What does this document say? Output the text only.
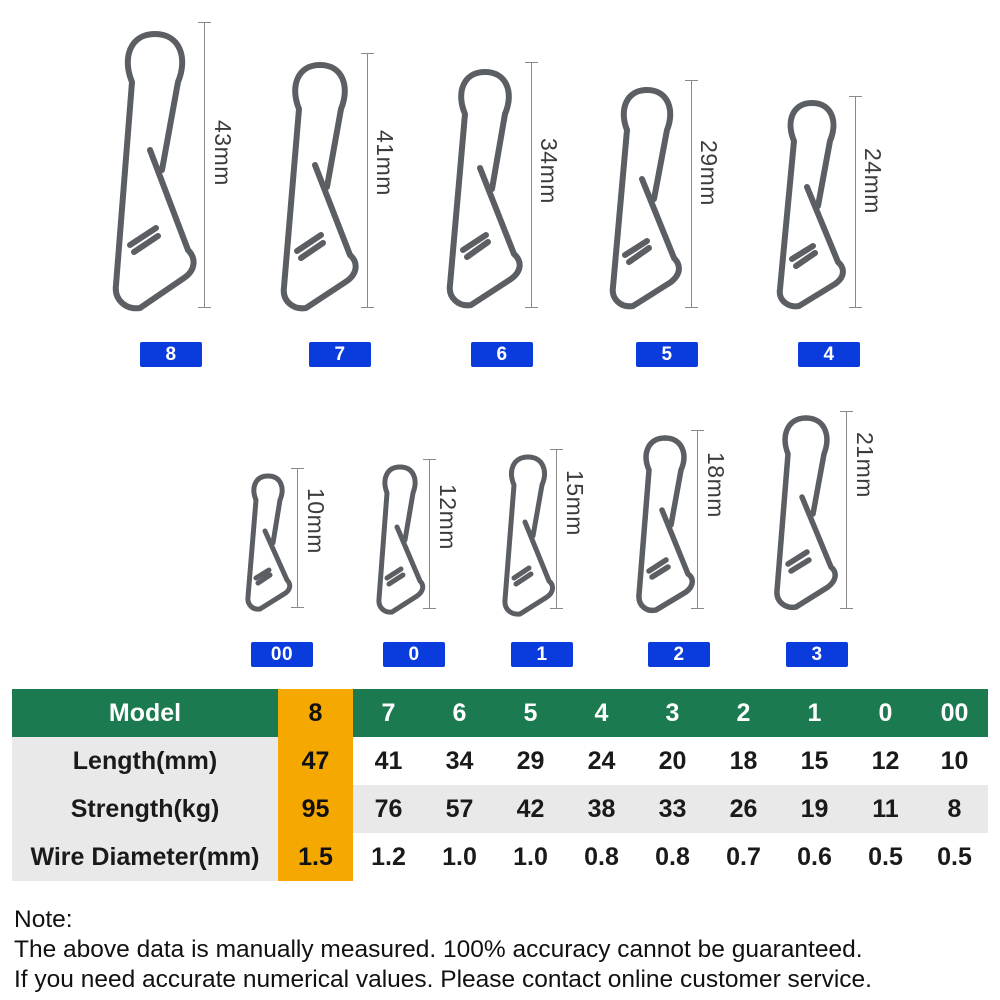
43mm
8
41mm
7
34mm
6
29mm
5
24mm
4
10mm
00
12mm
0
15mm
1
18mm
2
21mm
3
Model	8	7	6	5	4	3	2	1	0	00
Length(mm)	47	41	34	29	24	20	18	15	12	10
Strength(kg)	95	76	57	42	38	33	26	19	11	8
Wire Diameter(mm)	1.5	1.2	1.0	1.0	0.8	0.8	0.7	0.6	0.5	0.5
Note:
The above data is manually measured. 100% accuracy cannot be guaranteed.
If you need accurate numerical values. Please contact online customer service.
